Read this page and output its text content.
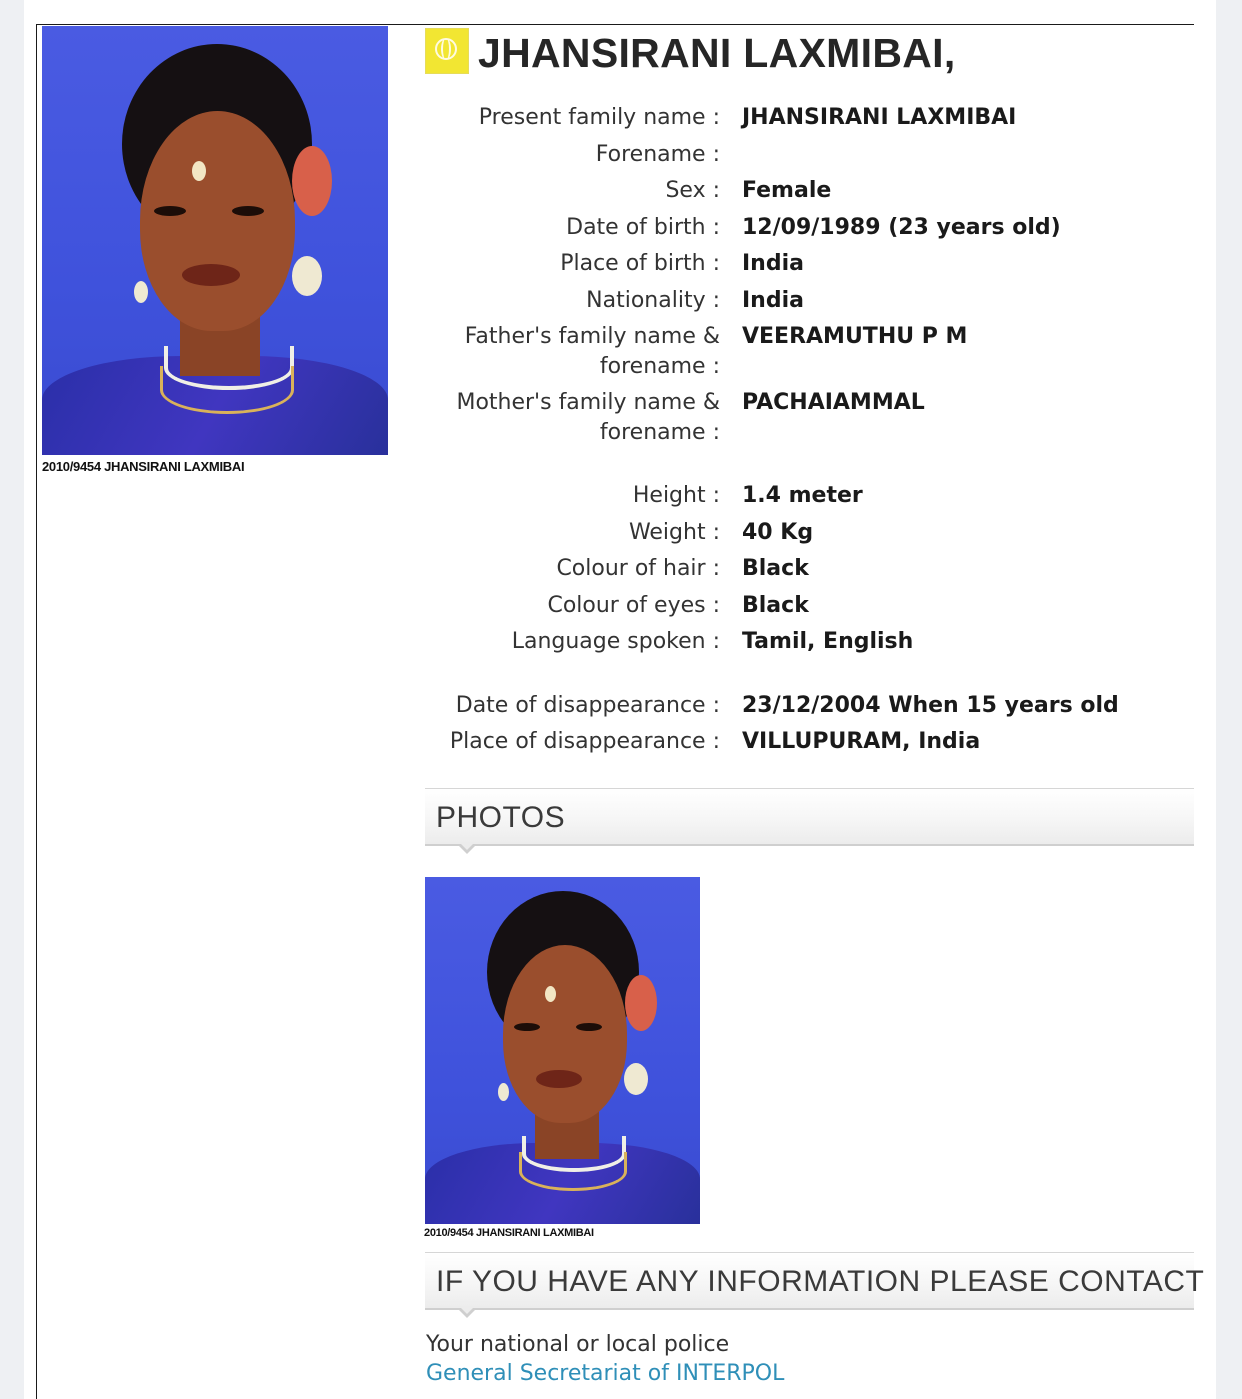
2010/9454 JHANSIRANI LAXMIBAI
JHANSIRANI LAXMIBAI,
Present family name : JHANSIRANI LAXMIBAI
Forename :
Sex : Female
Date of birth : 12/09/1989 (23 years old)
Place of birth : India
Nationality : India
Father's family name &
forename :
VEERAMUTHU P M
Mother's family name &
forename :
PACHAIAMMAL
Height : 1.4 meter
Weight : 40 Kg
Colour of hair : Black
Colour of eyes : Black
Language spoken : Tamil, English
Date of disappearance : 23/12/2004 When 15 years old
Place of disappearance : VILLUPURAM, India
PHOTOS
2010/9454 JHANSIRANI LAXMIBAI
IF YOU HAVE ANY INFORMATION PLEASE CONTACT
Your national or local police
General Secretariat of INTERPOL
